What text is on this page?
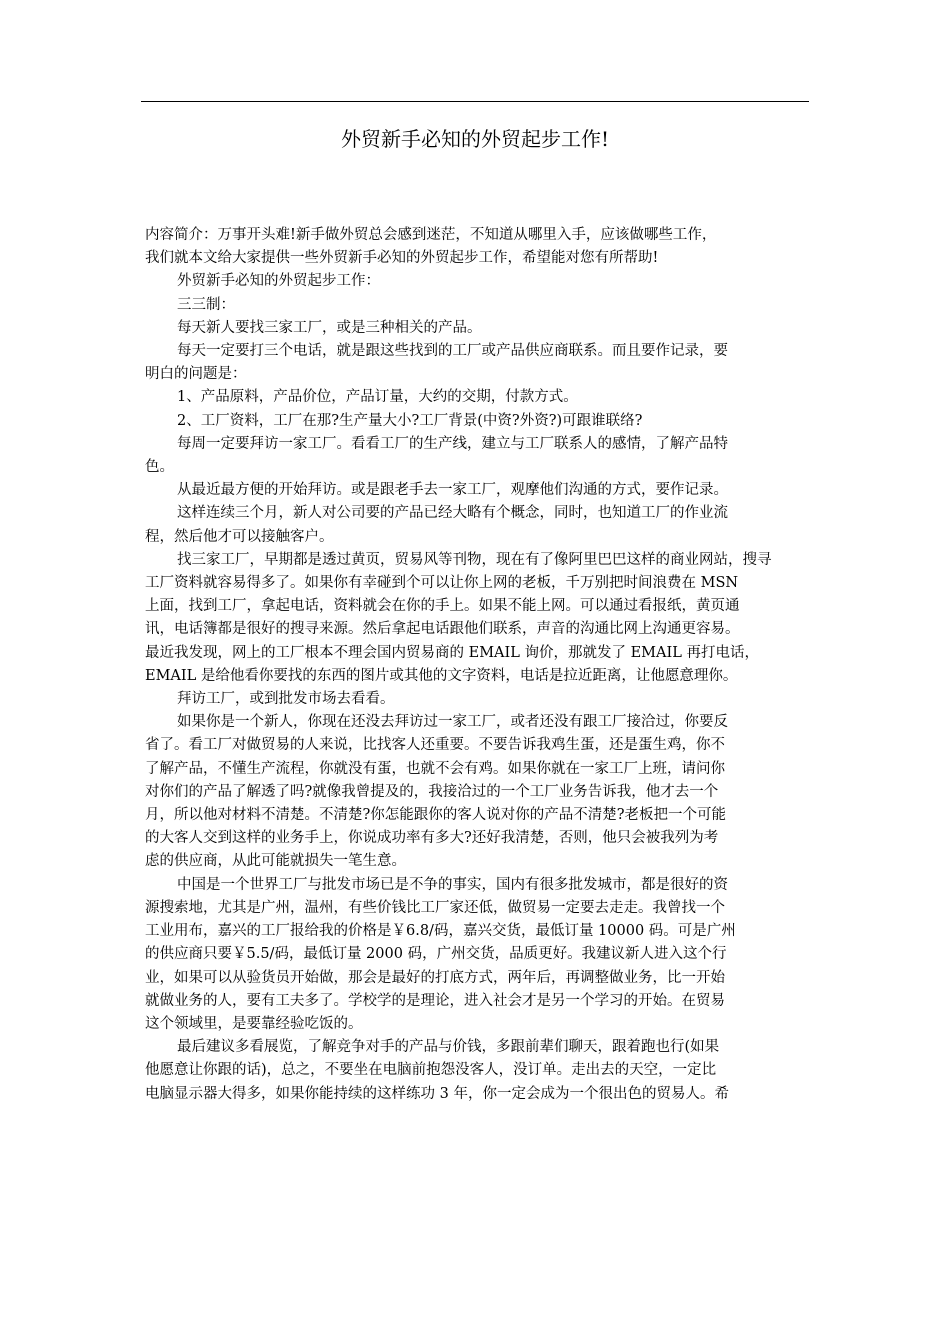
外贸新手必知的外贸起步工作!

内容简介：万事开头难!新手做外贸总会感到迷茫，不知道从哪里入手，应该做哪些工作，

我们就本文给大家提供一些外贸新手必知的外贸起步工作，希望能对您有所帮助!

外贸新手必知的外贸起步工作：

三三制：

每天新人要找三家工厂，或是三种相关的产品。

每天一定要打三个电话，就是跟这些找到的工厂或产品供应商联系。而且要作记录，要

明白的问题是：

1、产品原料，产品价位，产品订量，大约的交期，付款方式。

2、工厂资料，工厂在那?生产量大小?工厂背景(中资?外资?)可跟谁联络?

每周一定要拜访一家工厂。看看工厂的生产线，建立与工厂联系人的感情，了解产品特

色。

从最近最方便的开始拜访。或是跟老手去一家工厂，观摩他们沟通的方式，要作记录。

这样连续三个月，新人对公司要的产品已经大略有个概念，同时，也知道工厂的作业流

程，然后他才可以接触客户。

找三家工厂，早期都是透过黄页，贸易风等刊物，现在有了像阿里巴巴这样的商业网站，搜寻

工厂资料就容易得多了。如果你有幸碰到个可以让你上网的老板，千万别把时间浪费在 MSN

上面，找到工厂，拿起电话，资料就会在你的手上。如果不能上网。可以通过看报纸，黄页通

讯，电话簿都是很好的搜寻来源。然后拿起电话跟他们联系，声音的沟通比网上沟通更容易。

最近我发现，网上的工厂根本不理会国内贸易商的 EMAIL 询价，那就发了 EMAIL 再打电话，

EMAIL 是给他看你要找的东西的图片或其他的文字资料，电话是拉近距离，让他愿意理你。

拜访工厂，或到批发市场去看看。

如果你是一个新人，你现在还没去拜访过一家工厂，或者还没有跟工厂接洽过，你要反

省了。看工厂对做贸易的人来说，比找客人还重要。不要告诉我鸡生蛋，还是蛋生鸡，你不

了解产品，不懂生产流程，你就没有蛋，也就不会有鸡。如果你就在一家工厂上班，请问你

对你们的产品了解透了吗?就像我曾提及的，我接洽过的一个工厂业务告诉我，他才去一个

月，所以他对材料不清楚。不清楚?你怎能跟你的客人说对你的产品不清楚?老板把一个可能

的大客人交到这样的业务手上，你说成功率有多大?还好我清楚，否则，他只会被我列为考

虑的供应商，从此可能就损失一笔生意。

中国是一个世界工厂与批发市场已是不争的事实，国内有很多批发城市，都是很好的资

源搜索地，尤其是广州，温州，有些价钱比工厂家还低，做贸易一定要去走走。我曾找一个

工业用布，嘉兴的工厂报给我的价格是￥6.8/码，嘉兴交货，最低订量 10000 码。可是广州

的供应商只要￥5.5/码，最低订量 2000 码，广州交货，品质更好。我建议新人进入这个行

业，如果可以从验货员开始做，那会是最好的打底方式，两年后，再调整做业务，比一开始

就做业务的人，要有工夫多了。学校学的是理论，进入社会才是另一个学习的开始。在贸易

这个领域里，是要靠经验吃饭的。

最后建议多看展览，了解竞争对手的产品与价钱，多跟前辈们聊天，跟着跑也行(如果

他愿意让你跟的话)，总之，不要坐在电脑前抱怨没客人，没订单。走出去的天空，一定比

电脑显示器大得多，如果你能持续的这样练功 3 年，你一定会成为一个很出色的贸易人。希
